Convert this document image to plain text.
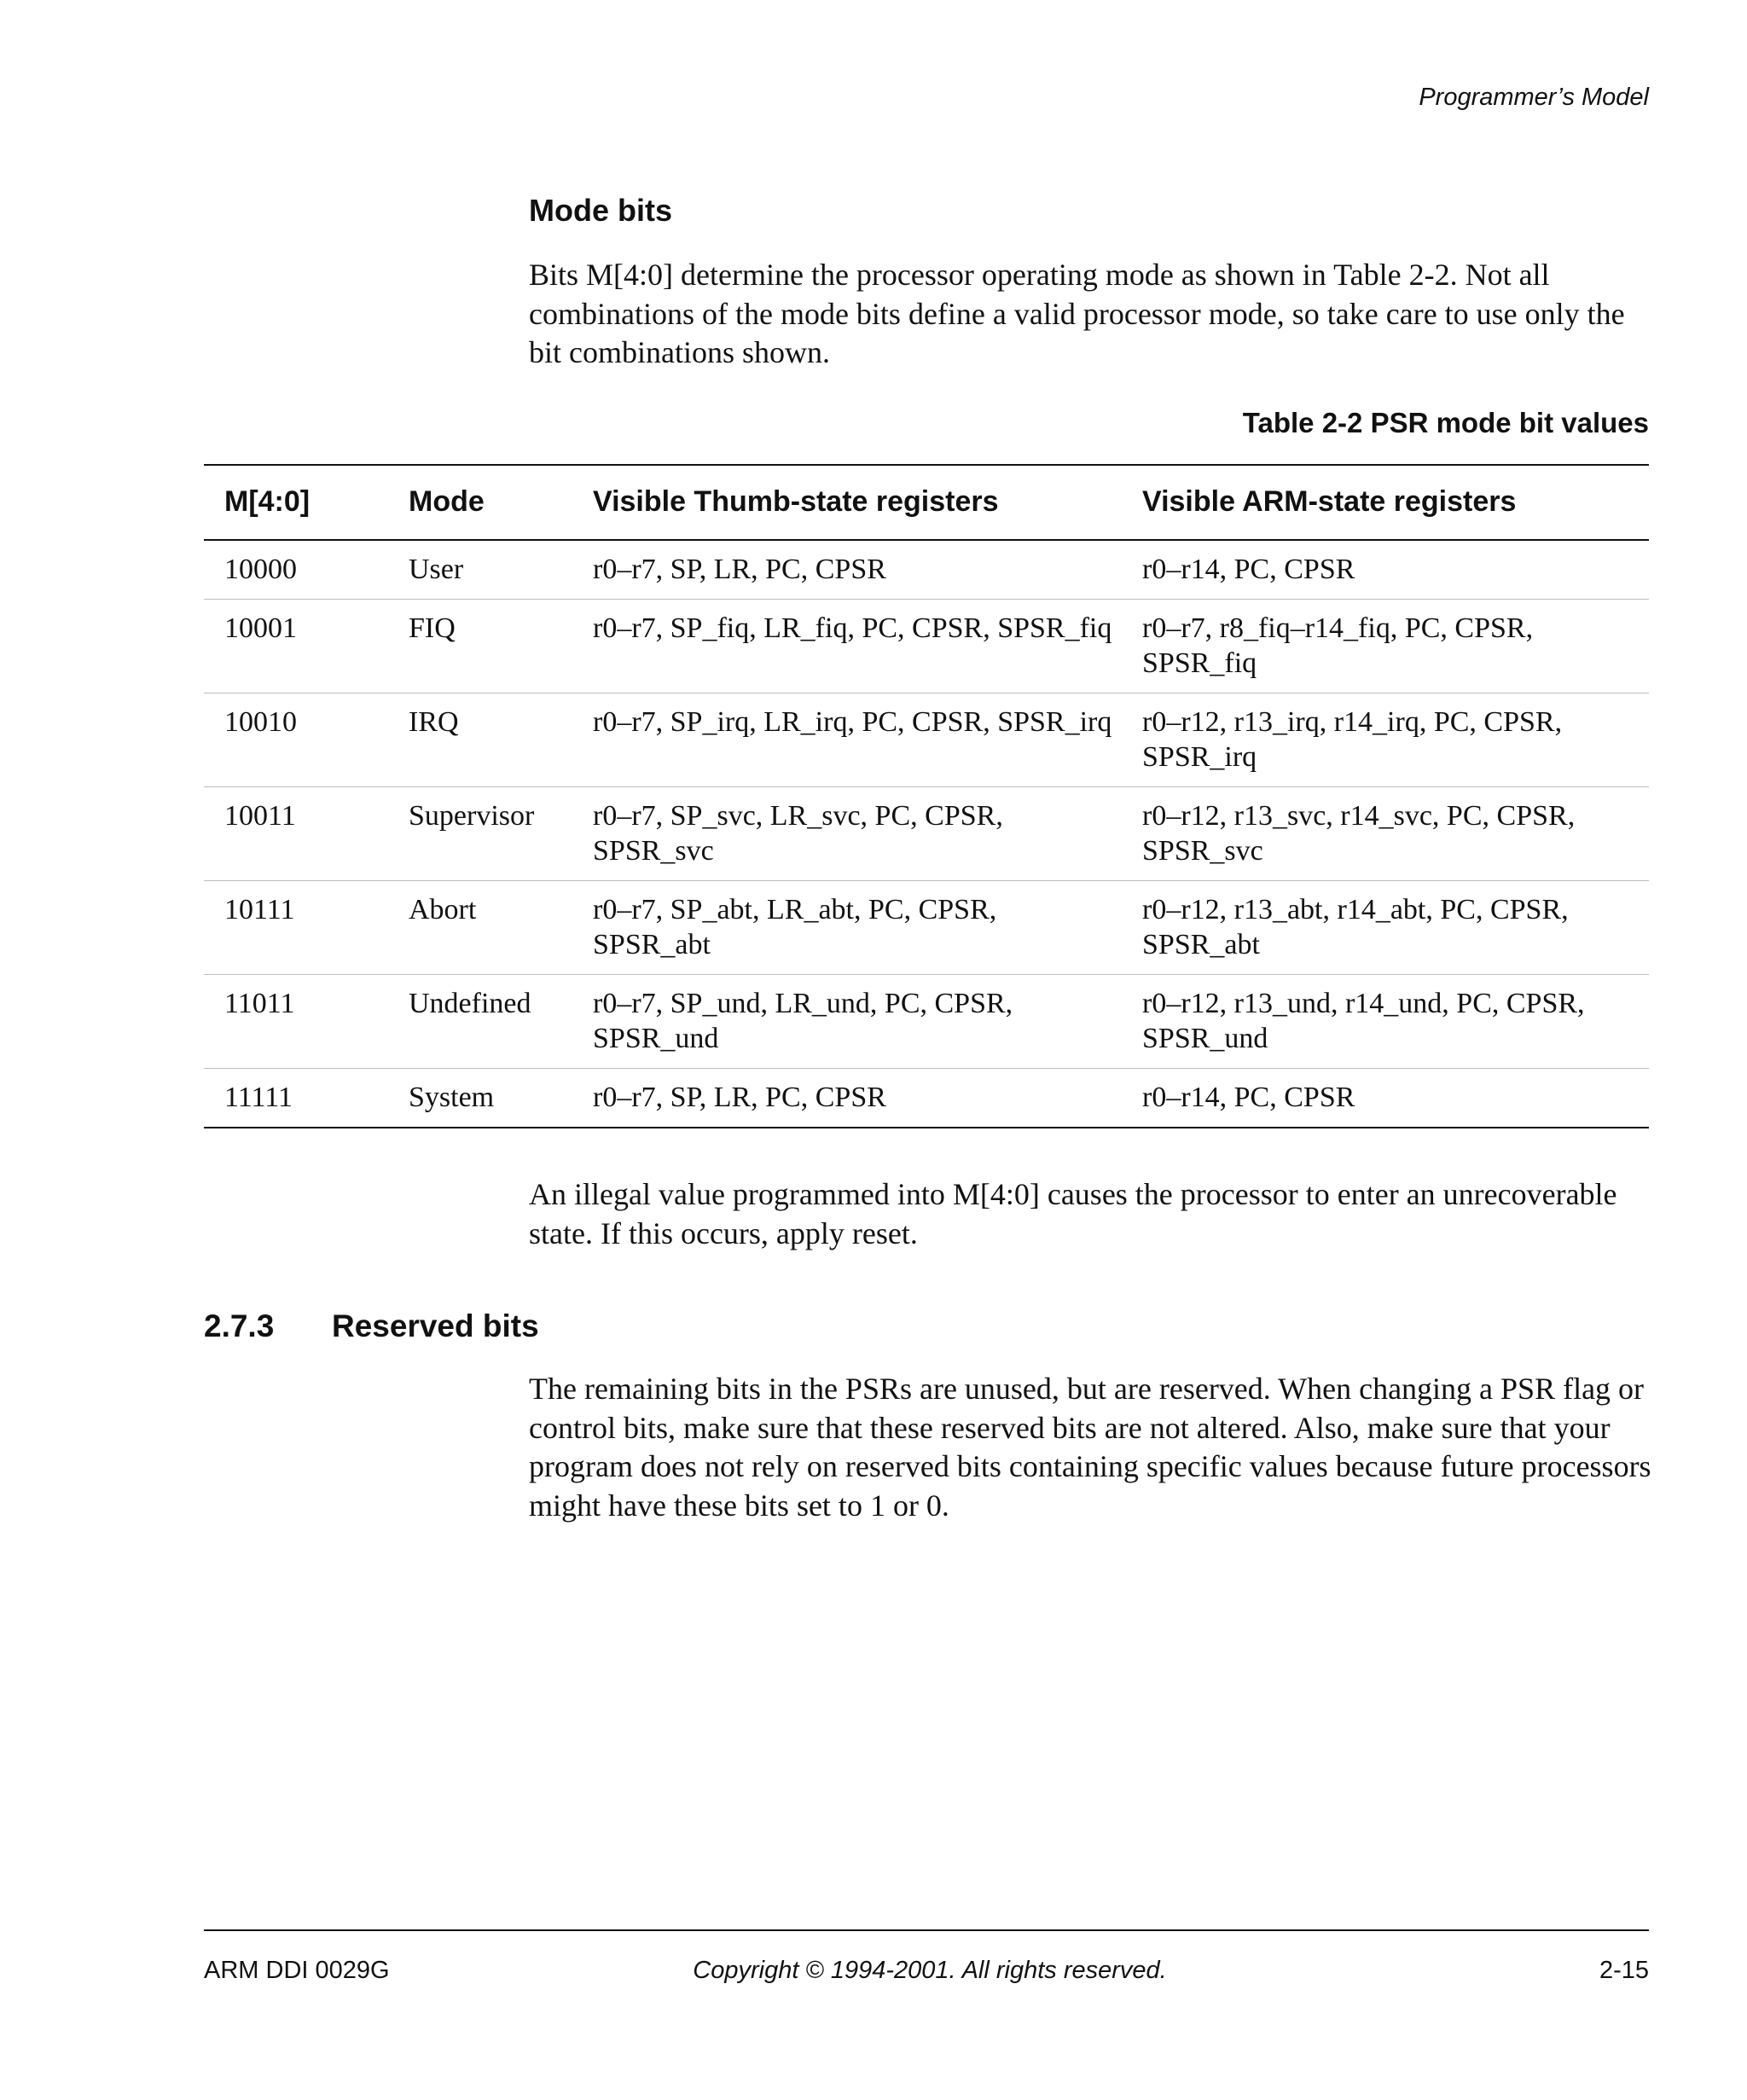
Programmer’s Model
Mode bits
Bits M[4:0] determine the processor operating mode as shown in Table 2-2. Not all combinations of the mode bits define a valid processor mode, so take care to use only the bit combinations shown.
Table 2-2 PSR mode bit values
M[4:0]	Mode	Visible Thumb-state registers	Visible ARM-state registers
10000	User	r0–r7, SP, LR, PC, CPSR	r0–r14, PC, CPSR
10001	FIQ	r0–r7, SP_fiq, LR_fiq, PC, CPSR, SPSR_fiq	r0–r7, r8_fiq–r14_fiq, PC, CPSR, SPSR_fiq
10010	IRQ	r0–r7, SP_irq, LR_irq, PC, CPSR, SPSR_irq	r0–r12, r13_irq, r14_irq, PC, CPSR, SPSR_irq
10011	Supervisor	r0–r7, SP_svc, LR_svc, PC, CPSR, SPSR_svc	r0–r12, r13_svc, r14_svc, PC, CPSR, SPSR_svc
10111	Abort	r0–r7, SP_abt, LR_abt, PC, CPSR, SPSR_abt	r0–r12, r13_abt, r14_abt, PC, CPSR, SPSR_abt
11011	Undefined	r0–r7, SP_und, LR_und, PC, CPSR, SPSR_und	r0–r12, r13_und, r14_und, PC, CPSR, SPSR_und
11111	System	r0–r7, SP, LR, PC, CPSR	r0–r14, PC, CPSR
An illegal value programmed into M[4:0] causes the processor to enter an unrecoverable state. If this occurs, apply reset.
2.7.3 Reserved bits
The remaining bits in the PSRs are unused, but are reserved. When changing a PSR flag or control bits, make sure that these reserved bits are not altered. Also, make sure that your program does not rely on reserved bits containing specific values because future processors might have these bits set to 1 or 0.
ARM DDI 0029G	Copyright © 1994-2001. All rights reserved.	2-15
